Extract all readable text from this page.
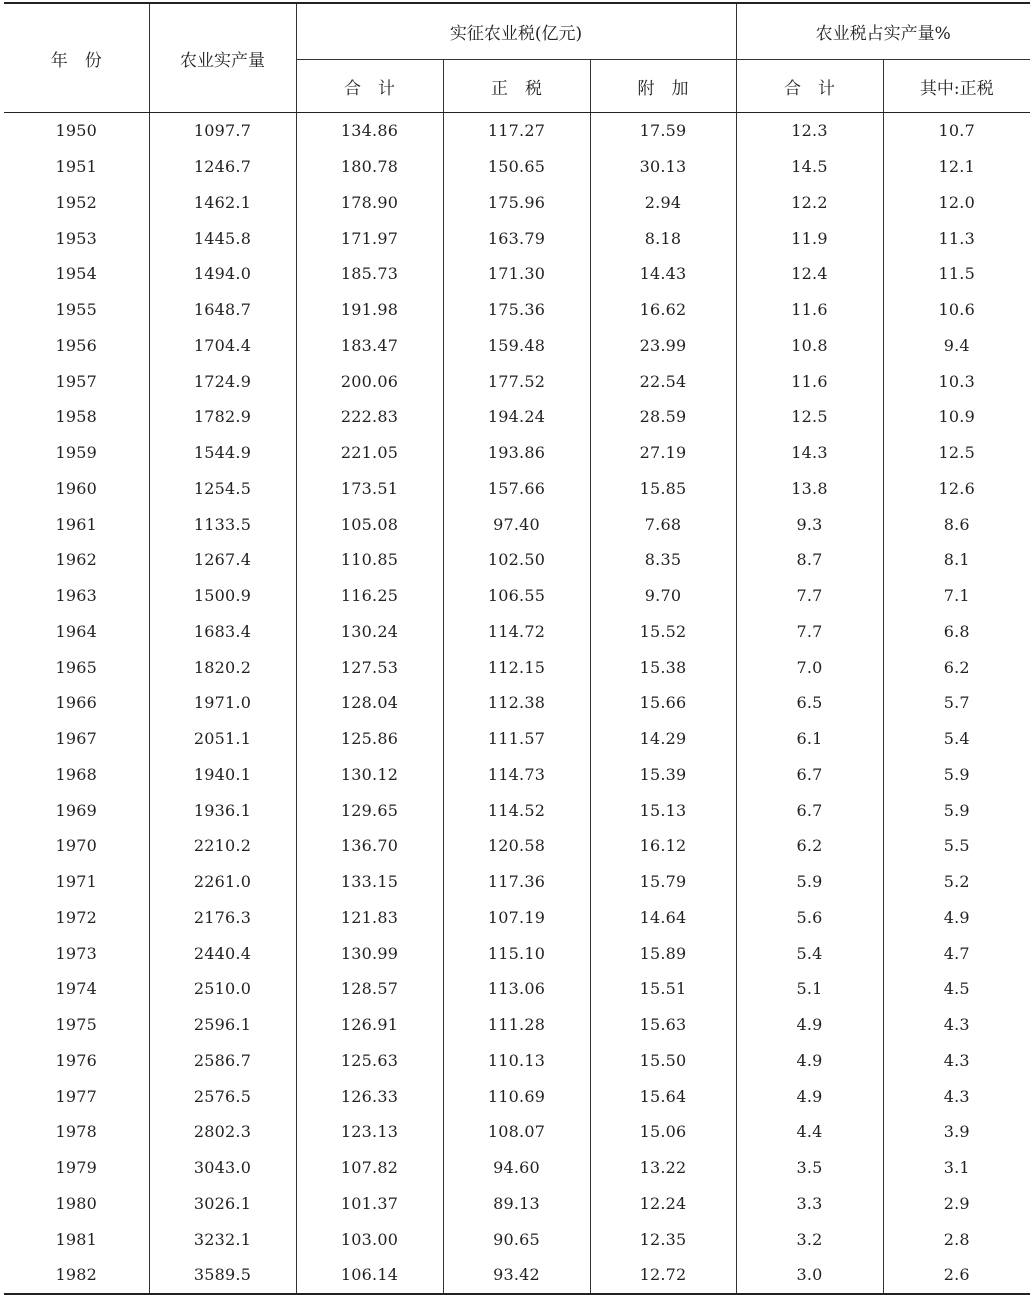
年　份	农业实产量	实征农业税(亿元)			农业税占实产量%	
		合　计	正　税	附　加	合　计	其中:正税
1950	1097.7	134.86	117.27	17.59	12.3	10.7
1951	1246.7	180.78	150.65	30.13	14.5	12.1
1952	1462.1	178.90	175.96	2.94	12.2	12.0
1953	1445.8	171.97	163.79	8.18	11.9	11.3
1954	1494.0	185.73	171.30	14.43	12.4	11.5
1955	1648.7	191.98	175.36	16.62	11.6	10.6
1956	1704.4	183.47	159.48	23.99	10.8	9.4
1957	1724.9	200.06	177.52	22.54	11.6	10.3
1958	1782.9	222.83	194.24	28.59	12.5	10.9
1959	1544.9	221.05	193.86	27.19	14.3	12.5
1960	1254.5	173.51	157.66	15.85	13.8	12.6
1961	1133.5	105.08	97.40	7.68	9.3	8.6
1962	1267.4	110.85	102.50	8.35	8.7	8.1
1963	1500.9	116.25	106.55	9.70	7.7	7.1
1964	1683.4	130.24	114.72	15.52	7.7	6.8
1965	1820.2	127.53	112.15	15.38	7.0	6.2
1966	1971.0	128.04	112.38	15.66	6.5	5.7
1967	2051.1	125.86	111.57	14.29	6.1	5.4
1968	1940.1	130.12	114.73	15.39	6.7	5.9
1969	1936.1	129.65	114.52	15.13	6.7	5.9
1970	2210.2	136.70	120.58	16.12	6.2	5.5
1971	2261.0	133.15	117.36	15.79	5.9	5.2
1972	2176.3	121.83	107.19	14.64	5.6	4.9
1973	2440.4	130.99	115.10	15.89	5.4	4.7
1974	2510.0	128.57	113.06	15.51	5.1	4.5
1975	2596.1	126.91	111.28	15.63	4.9	4.3
1976	2586.7	125.63	110.13	15.50	4.9	4.3
1977	2576.5	126.33	110.69	15.64	4.9	4.3
1978	2802.3	123.13	108.07	15.06	4.4	3.9
1979	3043.0	107.82	94.60	13.22	3.5	3.1
1980	3026.1	101.37	89.13	12.24	3.3	2.9
1981	3232.1	103.00	90.65	12.35	3.2	2.8
1982	3589.5	106.14	93.42	12.72	3.0	2.6
